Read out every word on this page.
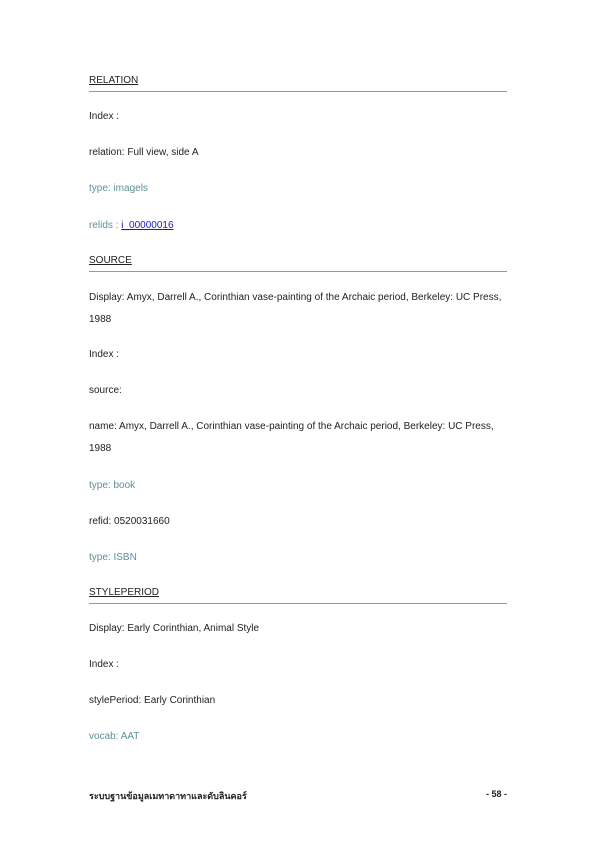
RELATION
Index :
relation: Full view, side A
type: imagels
relids : i_00000016
SOURCE
Display: Amyx, Darrell A., Corinthian vase-painting of the Archaic period, Berkeley: UC Press, 1988
Index :
source:
name: Amyx, Darrell A., Corinthian vase-painting of the Archaic period, Berkeley: UC Press, 1988
type: book
refid: 0520031660
type: ISBN
STYLEPERIOD
Display: Early Corinthian, Animal Style
Index :
stylePeriod: Early Corinthian
vocab: AAT
ระบบฐานข้อมูลเมทาดาทาและดับลินคอร์	- 58 -
